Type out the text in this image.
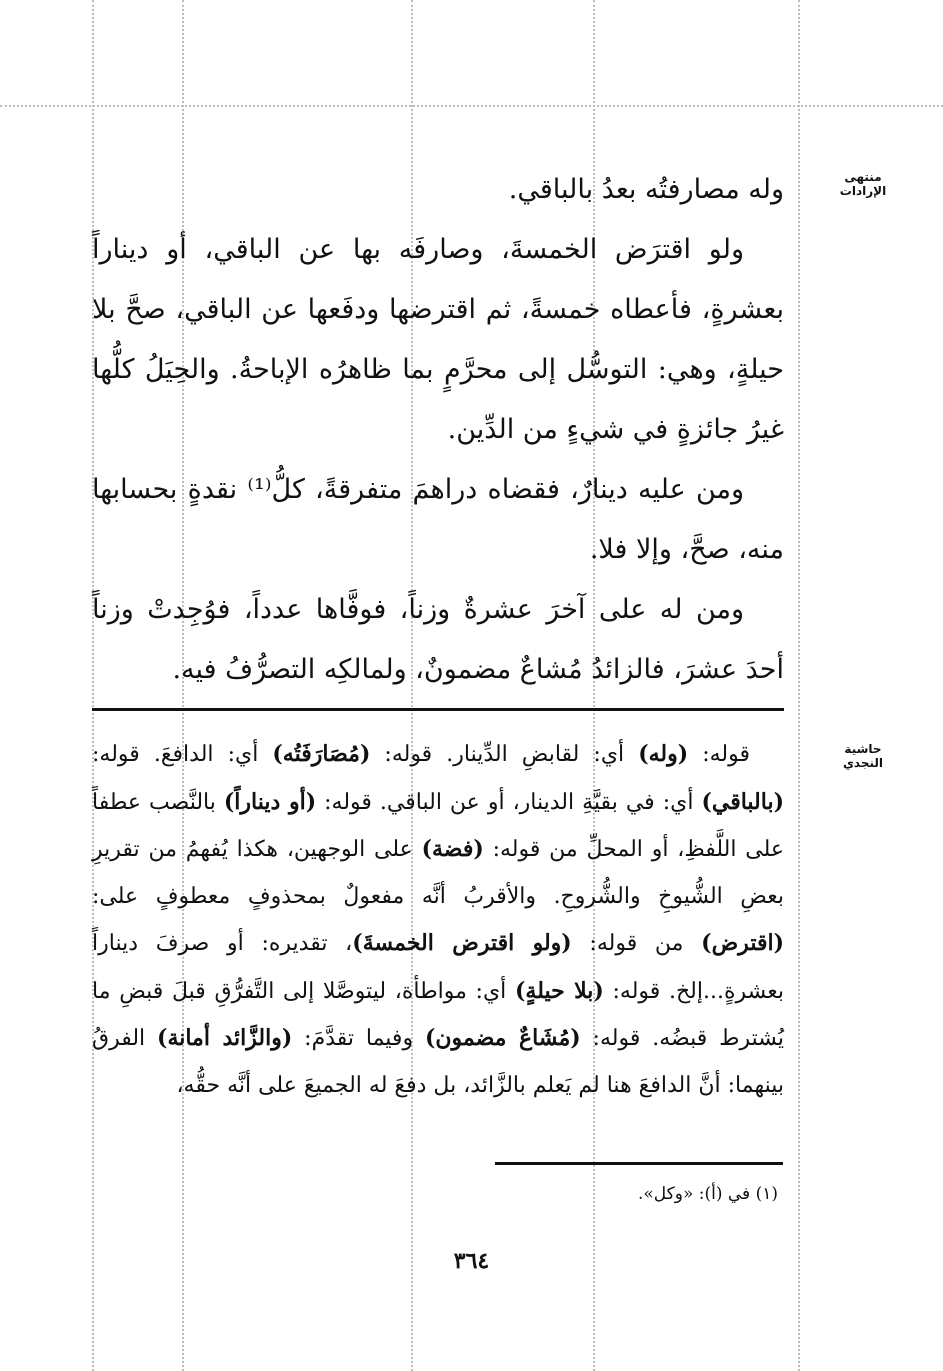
منتهى الإرادات
حاشية النجدي

وله مصارفتُه بعدُ بالباقي.

ولو اقترَض الخمسةَ، وصارفَه بها عن الباقي، أو ديناراً بعشرةٍ، فأعطاه خمسةً، ثم اقترضها ودفَعها عن الباقي، صحَّ بلا حيلةٍ، وهي: التوسُّل إلى محرَّمٍ بما ظاهرُه الإباحةُ. والحِيَلُ كلُّها غيرُ جائزةٍ في شيءٍ من الدِّين.

ومن عليه دينارٌ، فقضاه دراهمَ متفرقةً، كلُّ⁽¹⁾ نقدةٍ بحسابها منه، صحَّ، وإلا فلا.

ومن له على آخرَ عشرةٌ وزناً، فوفَّاها عدداً، فوُجِدتْ وزناً أحدَ عشرَ، فالزائدُ مُشاعٌ مضمونٌ، ولمالكِه التصرُّفُ فيه.

قوله: (وله) أي: لقابضِ الدِّينار. قوله: (مُصَارَفَتُه) أي: الدافعَ. قوله: (بالباقي) أي: في بقيَّةِ الدينار، أو عن الباقي. قوله: (أو ديناراً) بالنَّصب عطفاً على اللَّفظِ، أو المحلِّ من قوله: (فضة) على الوجهين، هكذا يُفهمُ من تقريرِ بعضِ الشُّيوخِ والشُّروحِ. والأقربُ أنَّه مفعولٌ بمحذوفٍ معطوفٍ على: (اقترض) من قوله: (ولو اقترض الخمسةَ)، تقديره: أو صرفَ ديناراً بعشرةٍ...إلخ. قوله: (بلا حيلةٍ) أي: مواطأة، ليتوصَّلا إلى التَّفرُّقِ قبلَ قبضِ ما يُشترط قبضُه. قوله: (مُشَاعٌ مضمون) وفيما تقدَّمَ: (والزَّائد أمانة) الفرقُ بينهما: أنَّ الدافعَ هنا لم يَعلم بالزَّائد، بل دفعَ له الجميعَ على أنَّه حقُّه،

(١) في (أ): «وكل».
٣٦٤
